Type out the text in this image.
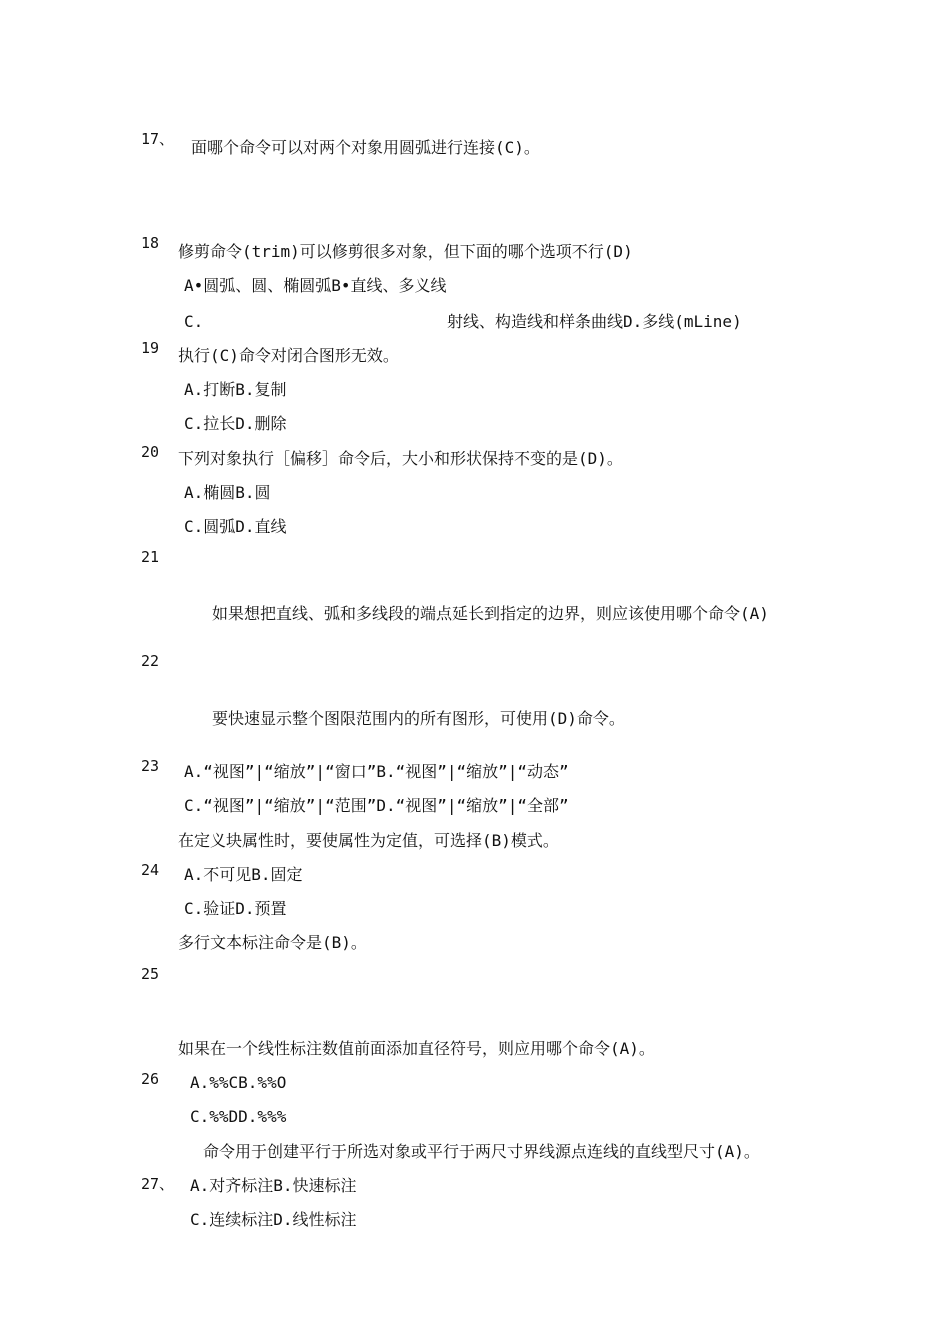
17、 面哪个命令可以对两个对象用圆弧进行连接(C)。
18 修剪命令(trim)可以修剪很多对象，但下面的哪个选项不行(D)
A•圆弧、圆、椭圆弧B•直线、多义线
C.	射线、构造线和样条曲线D.多线(mLine)
19 执行(C)命令对闭合图形无效。
A.打断B.复制
C.拉长D.删除
20 下列对象执行［偏移］命令后，大小和形状保持不变的是(D)。
A.椭圆B.圆
C.圆弧D.直线
21
如果想把直线、弧和多线段的端点延长到指定的边界，则应该使用哪个命令(A)
22
要快速显示整个图限范围内的所有图形，可使用(D)命令。
23 A.“视图”|“缩放”|“窗口”B.“视图”|“缩放”|“动态”
C.“视图”|“缩放”|“范围”D.“视图”|“缩放”|“全部”
在定义块属性时，要使属性为定值，可选择(B)模式。
24 A.不可见B.固定
C.验证D.预置
多行文本标注命令是(B)。
25
如果在一个线性标注数值前面添加直径符号，则应用哪个命令(A)。
26 A.%%CB.%%O
C.%%DD.%%%
命令用于创建平行于所选对象或平行于两尺寸界线源点连线的直线型尺寸(A)。
27、 A.对齐标注B.快速标注
C.连续标注D.线性标注
